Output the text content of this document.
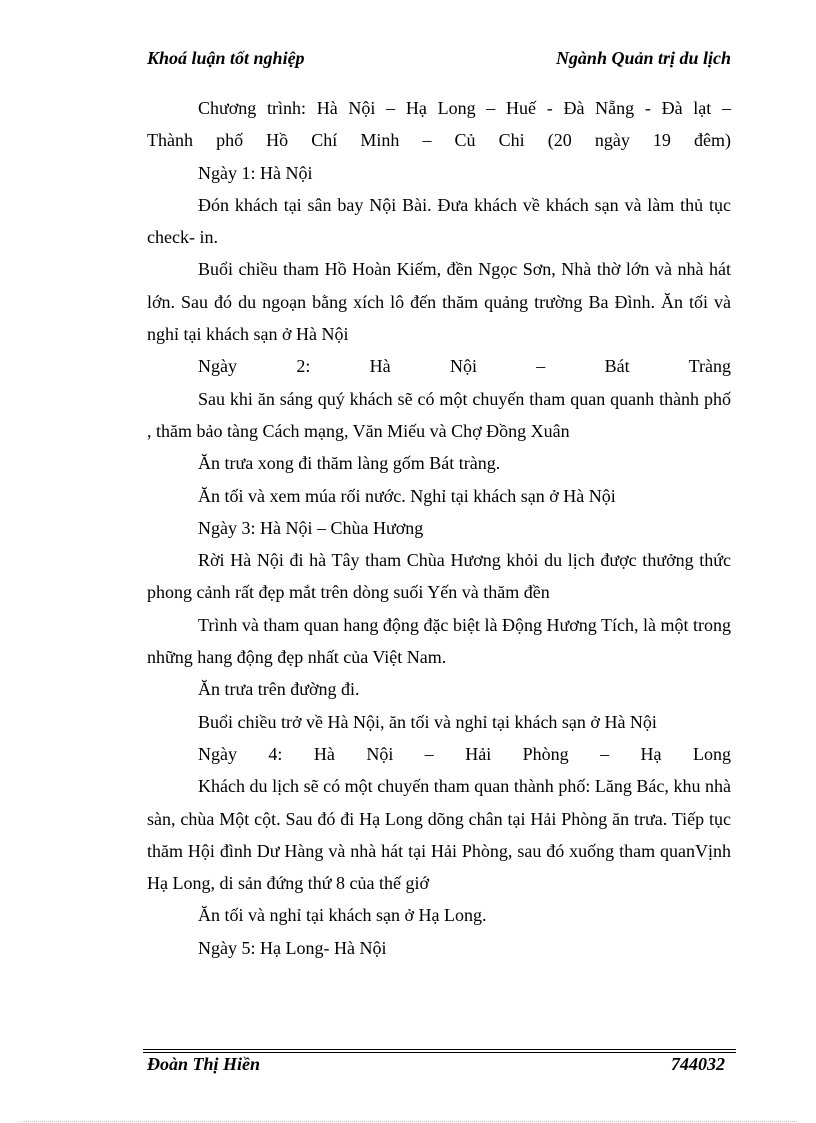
Khoá luận tốt nghiệp	Ngành Quản trị du lịch

Chương trình: Hà Nội – Hạ Long – Huế - Đà Nẵng - Đà lạt –

Thành phố Hồ Chí Minh – Củ Chi (20 ngày 19 đêm)

Ngày 1: Hà Nội

Đón khách tại sân bay Nội Bài. Đưa khách về khách sạn và làm thủ tục check- in.

Buổi chiều tham Hồ Hoàn Kiếm, đền Ngọc Sơn, Nhà thờ lớn và nhà hát lớn. Sau đó du ngoạn bằng xích lô đến thăm quảng trường Ba Đình. Ăn tối và nghỉ tại khách sạn ở Hà Nội

Ngày 2: Hà Nội – Bát Tràng

Sau khi ăn sáng quý khách sẽ có một chuyến tham quan quanh thành phố , thăm bảo tàng Cách mạng, Văn Miếu và Chợ Đồng Xuân

Ăn trưa xong đi thăm làng gốm Bát tràng.

Ăn tối và xem múa rối nước. Nghỉ tại khách sạn ở Hà Nội

Ngày 3: Hà Nội – Chùa Hương

Rời Hà Nội đi hà Tây tham Chùa Hương khỏi du lịch được thưởng thức phong cảnh rất đẹp mắt trên dòng suối Yến và thăm đền

Trình và tham quan hang động đặc biệt là Động Hương Tích, là một trong những hang động đẹp nhất của Việt Nam.

Ăn trưa trên đường đi.

Buổi chiều trở về Hà Nội, ăn tối và nghỉ tại khách sạn ở Hà Nội

Ngày 4: Hà Nội – Hải Phòng – Hạ Long

Khách du lịch sẽ có một chuyến tham quan thành phố: Lăng Bác, khu nhà sàn, chùa Một cột. Sau đó đi Hạ Long dõng chân tại Hải Phòng ăn trưa. Tiếp tục thăm Hội đình Dư Hàng và nhà hát tại Hải Phòng, sau đó xuống tham quanVịnh Hạ Long, di sản đứng thứ 8 của thế giớ

Ăn tối và nghỉ tại khách sạn ở Hạ Long.

Ngày 5: Hạ Long- Hà Nội

Đoàn Thị Hiền	744032
